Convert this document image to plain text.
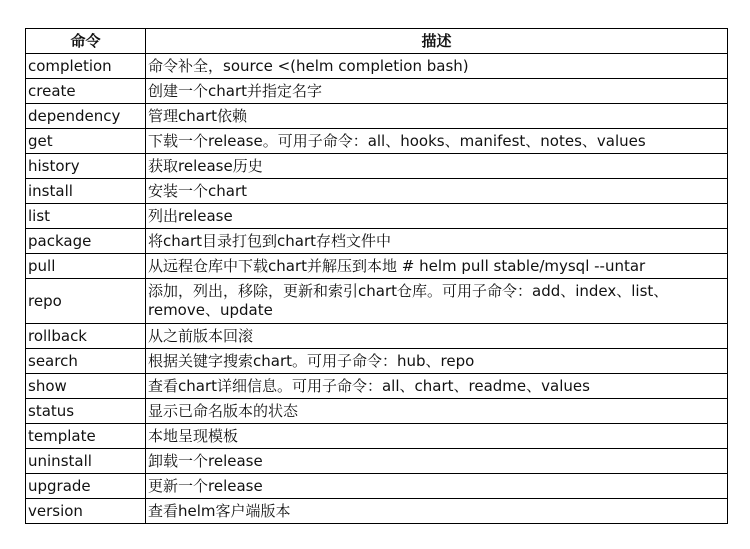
命令	描述
completion	命令补全，source <(helm completion bash)
create	创建一个chart并指定名字
dependency	管理chart依赖
get	下载一个release。可用子命令：all、hooks、manifest、notes、values
history	获取release历史
install	安装一个chart
list	列出release
package	将chart目录打包到chart存档文件中
pull	从远程仓库中下载chart并解压到本地 # helm pull stable/mysql --untar
repo	添加，列出，移除，更新和索引chart仓库。可用子命令：add、index、list、remove、update
rollback	从之前版本回滚
search	根据关键字搜索chart。可用子命令：hub、repo
show	查看chart详细信息。可用子命令：all、chart、readme、values
status	显示已命名版本的状态
template	本地呈现模板
uninstall	卸载一个release
upgrade	更新一个release
version	查看helm客户端版本
